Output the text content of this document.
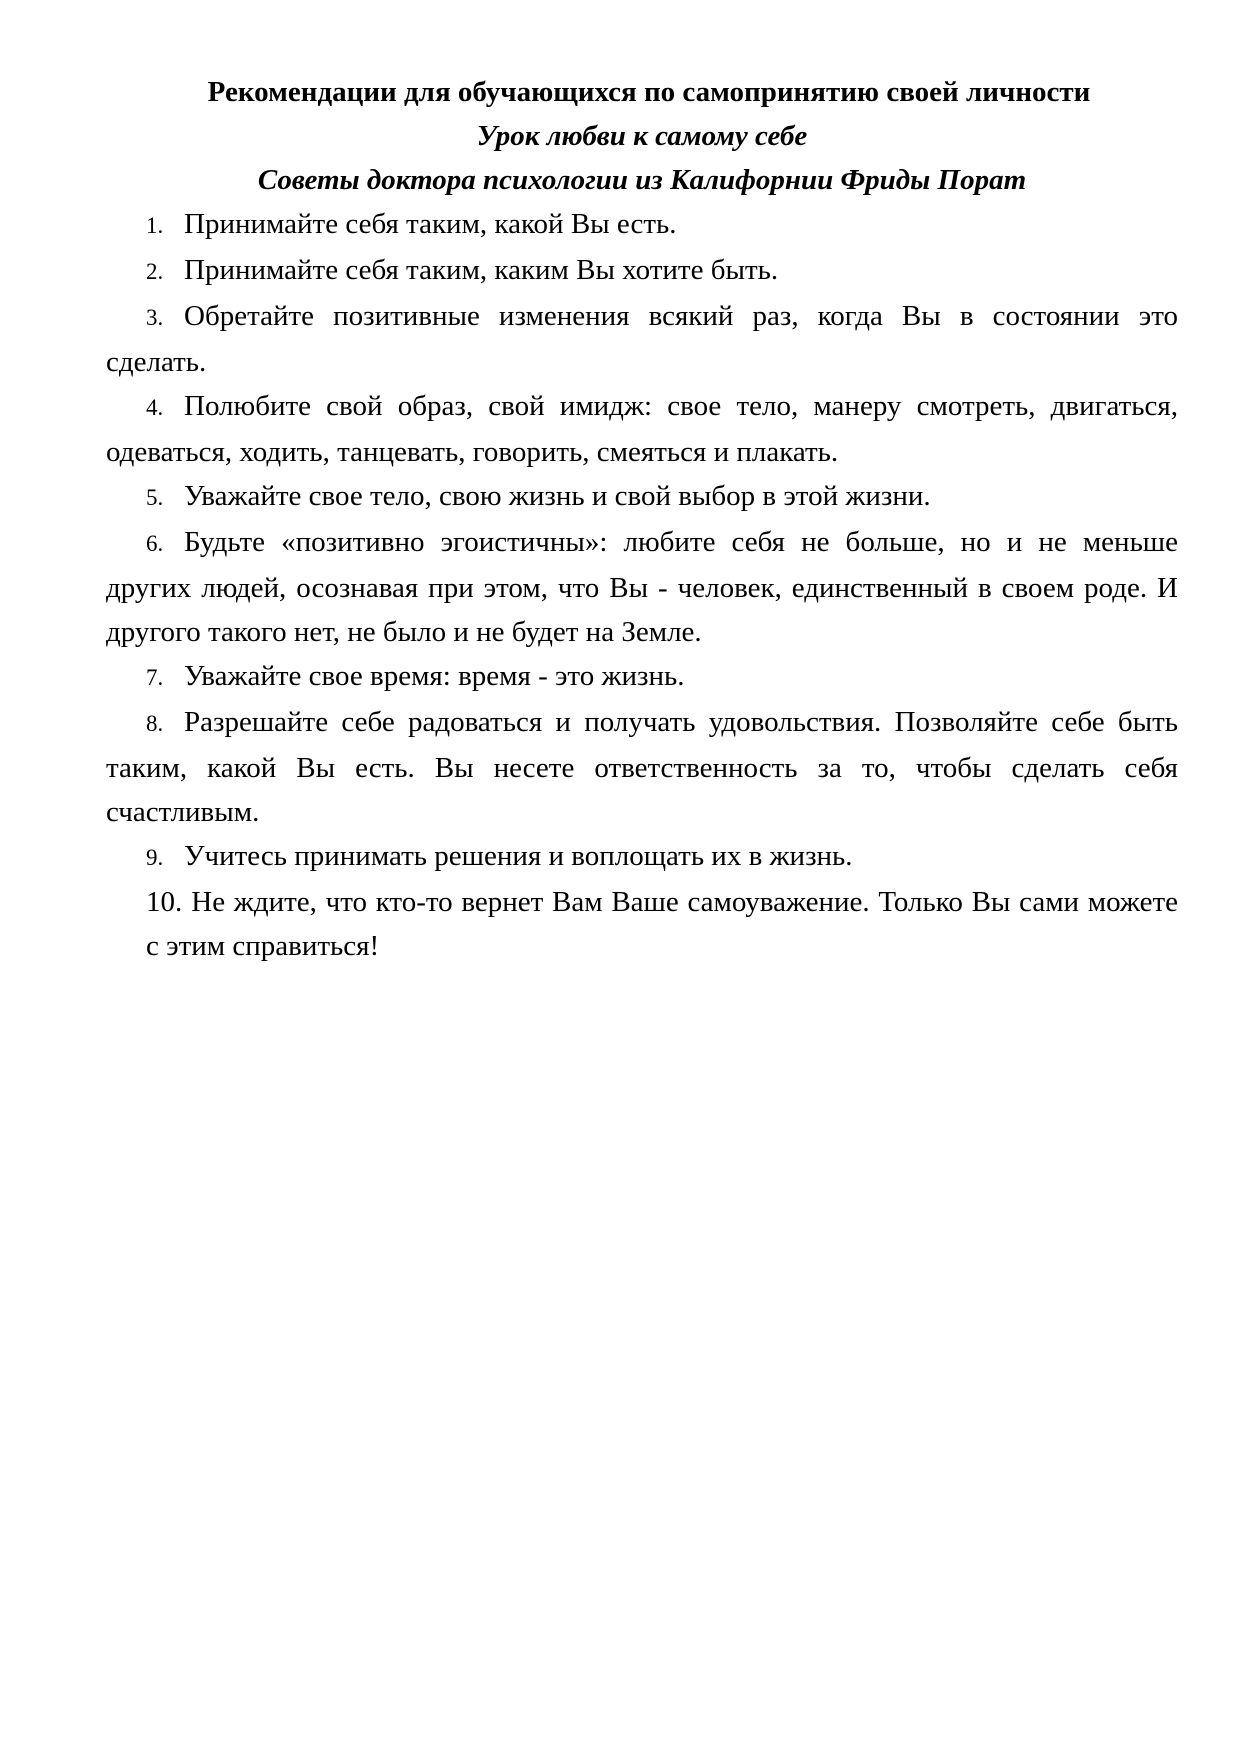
Рекомендации для обучающихся по самопринятию своей личности

Урок любви к самому себе

Советы доктора психологии из Калифорнии Фриды Порат

1. Принимайте себя таким, какой Вы есть.
2. Принимайте себя таким, каким Вы хотите быть.
3. Обретайте позитивные изменения всякий раз, когда Вы в состоянии это сделать.
4. Полюбите свой образ, свой имидж: свое тело, манеру смотреть, двигаться, одеваться, ходить, танцевать, говорить, смеяться и плакать.
5. Уважайте свое тело, свою жизнь и свой выбор в этой жизни.
6. Будьте «позитивно эгоистичны»: любите себя не больше, но и не меньше других людей, осознавая при этом, что Вы - человек, единственный в своем роде. И другого такого нет, не было и не будет на Земле.
7. Уважайте свое время: время - это жизнь.
8. Разрешайте себе радоваться и получать удовольствия. Позволяйте себе быть таким, какой Вы есть. Вы несете ответственность за то, чтобы сделать себя счастливым.
9. Учитесь принимать решения и воплощать их в жизнь.
10. Не ждите, что кто-то вернет Вам Ваше самоуважение. Только Вы сами можете с этим справиться!
